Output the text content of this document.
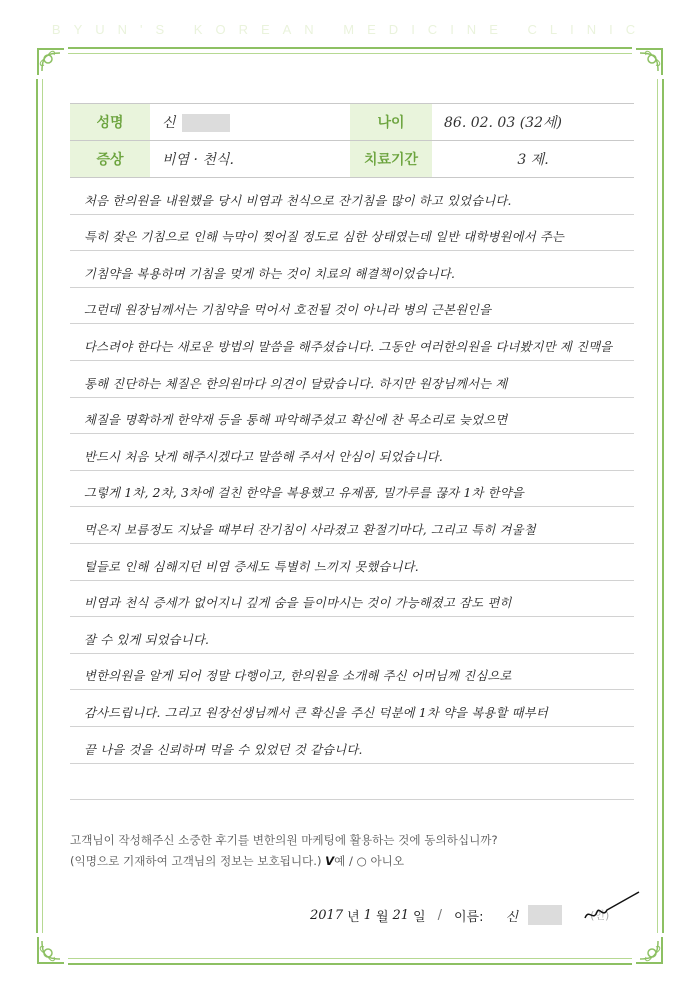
BYUN'S KOREAN MEDICINE CLINIC
성명	신	나이	86. 02. 03 (32세)
증상	비염 · 천식.	치료기간	3 제.
처음 한의원을 내원했을 당시 비염과 천식으로 잔기침을 많이 하고 있었습니다.
특히 잦은 기침으로 인해 늑막이 찢어질 정도로 심한 상태였는데 일반 대학병원에서 주는
기침약을 복용하며 기침을 멎게 하는 것이 치료의 해결책이었습니다.
그런데 원장님께서는 기침약을 먹어서 호전될 것이 아니라 병의 근본원인을
다스려야 한다는 새로운 방법의 말씀을 해주셨습니다. 그동안 여러한의원을 다녀봤지만 제 진맥을
통해 진단하는 체질은 한의원마다 의견이 달랐습니다. 하지만 원장님께서는 제
체질을 명확하게 한약재 등을 통해 파악해주셨고 확신에 찬 목소리로 늦었으면
반드시 처음 낫게 해주시겠다고 말씀해 주셔서 안심이 되었습니다.
그렇게 1차, 2차, 3차에 걸친 한약을 복용했고 유제품, 밀가루를 끊자 1차 한약을
먹은지 보름정도 지났을 때부터 잔기침이 사라졌고 환절기마다, 그리고 특히 겨울철
털들로 인해 심해지던 비염 증세도 특별히 느끼지 못했습니다.
비염과 천식 증세가 없어지니 깊게 숨을 들이마시는 것이 가능해졌고 잠도 편히
잘 수 있게 되었습니다.
변한의원을 알게 되어 정말 다행이고, 한의원을 소개해 주신 어머님께 진심으로
감사드립니다. 그리고 원장선생님께서 큰 확신을 주신 덕분에 1차 약을 복용할 때부터
끝 나을 것을 신뢰하며 먹을 수 있었던 것 같습니다.
고객님이 작성해주신 소중한 후기를 변한의원 마케팅에 활용하는 것에 동의하십니까?
(익명으로 기재하여 고객님의 정보는 보호됩니다.) V예 / ○ 아니오
2017 년 1 월 21 일 / 이름: 신	(인)
